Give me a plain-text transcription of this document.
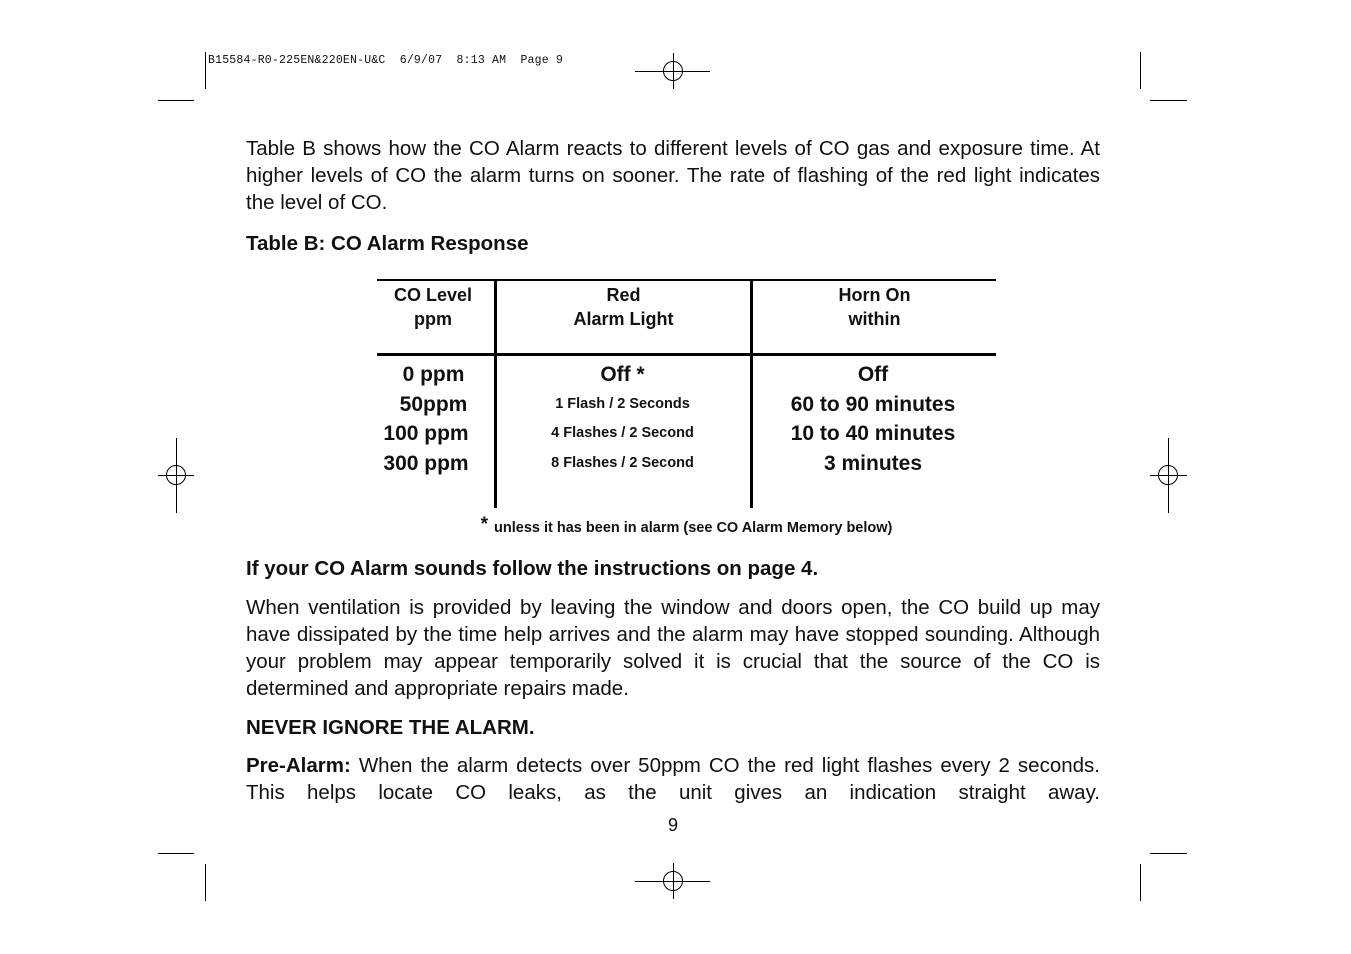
B15584-R0-225EN&220EN-U&C  6/9/07  8:13 AM  Page 9
Table B shows how the CO Alarm reacts to different levels of CO gas and exposure time. At higher levels of CO the alarm turns on sooner. The rate of flashing of the red light indicates the level of CO.
Table B: CO Alarm Response
CO Level
ppm
Red
Alarm Light
Horn On
within
0 ppm
50ppm
100 ppm
300 ppm
Off *
1 Flash / 2 Seconds
4 Flashes / 2 Second
8 Flashes / 2 Second
Off
60 to 90 minutes
10 to 40 minutes
3 minutes
* unless it has been in alarm (see CO Alarm Memory below)
If your CO Alarm sounds follow the instructions on page 4.
When ventilation is provided by leaving the window and doors open, the CO build up may have dissipated by the time help arrives and the alarm may have stopped sounding. Although your problem may appear temporarily solved it is crucial that the source of the CO is determined and appropriate repairs made.
NEVER IGNORE THE ALARM.
Pre-Alarm: When the alarm detects over 50ppm CO the red light flashes every 2 seconds. This helps locate CO leaks, as the unit gives an indication straight away.
9
